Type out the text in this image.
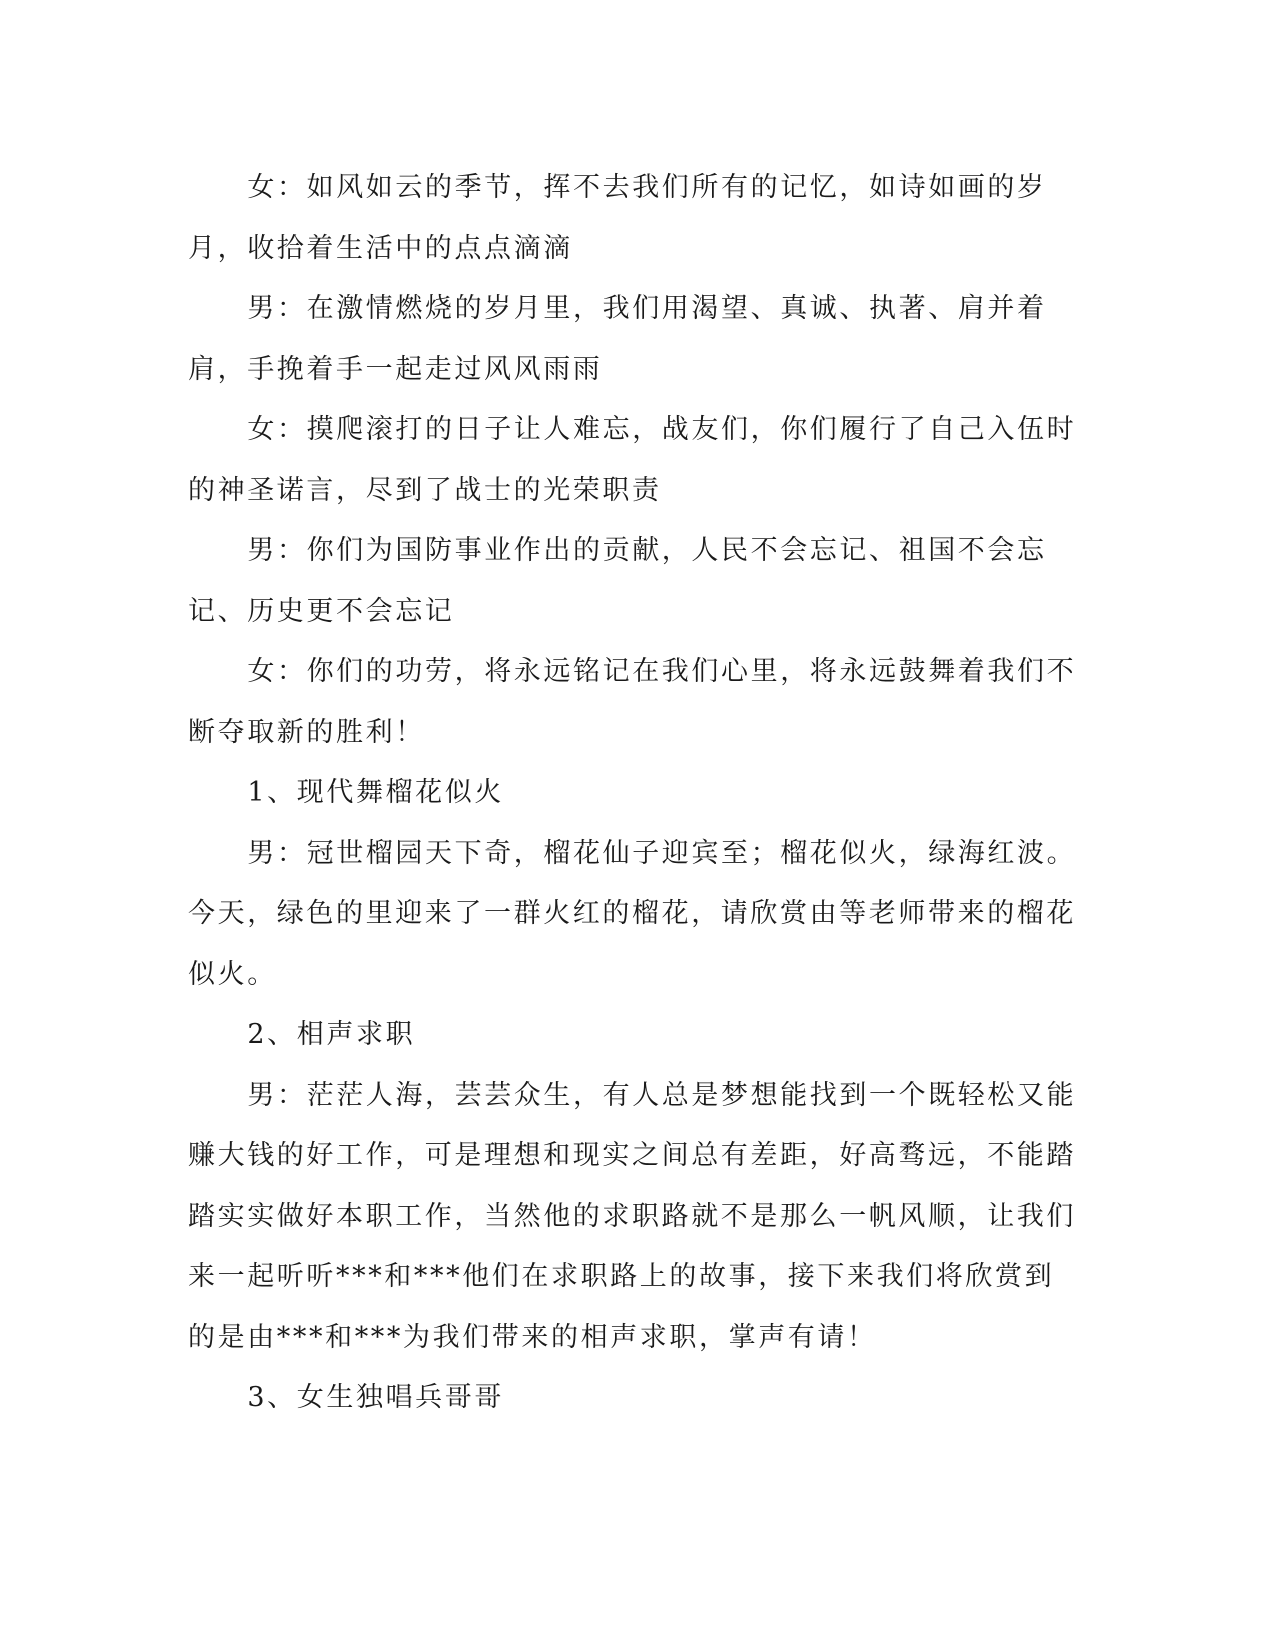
女：如风如云的季节，挥不去我们所有的记忆，如诗如画的岁月，收拾着生活中的点点滴滴

男：在激情燃烧的岁月里，我们用渴望、真诚、执著、肩并着肩，手挽着手一起走过风风雨雨

女：摸爬滚打的日子让人难忘，战友们，你们履行了自己入伍时的神圣诺言，尽到了战士的光荣职责

男：你们为国防事业作出的贡献，人民不会忘记、祖国不会忘记、历史更不会忘记

女：你们的功劳，将永远铭记在我们心里，将永远鼓舞着我们不断夺取新的胜利！

1、现代舞榴花似火

男：冠世榴园天下奇，榴花仙子迎宾至；榴花似火，绿海红波。今天，绿色的里迎来了一群火红的榴花，请欣赏由等老师带来的榴花似火。

2、相声求职

男：茫茫人海，芸芸众生，有人总是梦想能找到一个既轻松又能赚大钱的好工作，可是理想和现实之间总有差距，好高骛远，不能踏踏实实做好本职工作，当然他的求职路就不是那么一帆风顺，让我们来一起听听***和***他们在求职路上的故事，接下来我们将欣赏到的是由***和***为我们带来的相声求职，掌声有请！

3、女生独唱兵哥哥
